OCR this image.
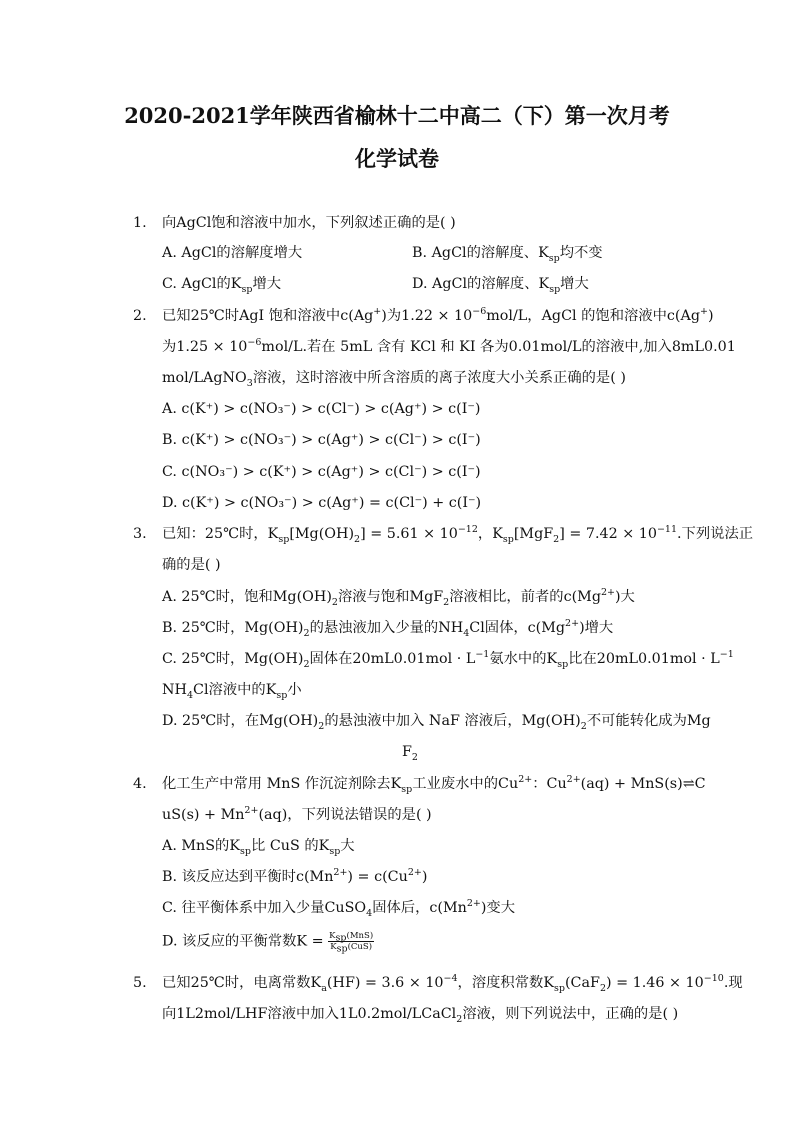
2020-2021学年陕西省榆林十二中高二（下）第一次月考
化学试卷
1. 向AgCl饱和溶液中加水，下列叙述正确的是( )
A. AgCl的溶解度增大	B. AgCl的溶解度、$K_{sp}$均不变
C. AgCl的$K_{sp}$增大	D. AgCl的溶解度、$K_{sp}$增大
2. 已知25℃时AgI 饱和溶液中c(Ag+)为$1.22 \times 10^{-6}mol/L$，AgCl 的饱和溶液中c(Ag+)
为$1.25 \times 10^{-6}mol/L$.若在 5mL 含有 KCl 和 KI 各为0.01mol/L的溶液中,加入8mL0.01
mol/LAgNO$_3$溶液，这时溶液中所含溶质的离子浓度大小关系正确的是( )
A. c(K⁺) > c(NO₃⁻) > c(Cl⁻) > c(Ag⁺) > c(I⁻)
B. c(K⁺) > c(NO₃⁻) > c(Ag⁺) > c(Cl⁻) > c(I⁻)
C. c(NO₃⁻) > c(K⁺) > c(Ag⁺) > c(Cl⁻) > c(I⁻)
D. c(K⁺) > c(NO₃⁻) > c(Ag⁺) = c(Cl⁻) + c(I⁻)
3. 已知：25℃时，$K_{sp}[Mg(OH)_2] = 5.61 \times 10^{-12}$，$K_{sp}[MgF_2] = 7.42 \times 10^{-11}$.下列说法正
确的是( )
A. 25℃时，饱和$Mg(OH)_2$溶液与饱和MgF$_2$溶液相比，前者的$c(Mg^{2+})$大
B. 25℃时，$Mg(OH)_2$的悬浊液加入少量的$NH_4Cl$固体，$c(Mg^{2+})$增大
C. 25℃时，$Mg(OH)_2$固体在$20mL0.01mol \cdot L^{-1}$氨水中的$K_{sp}$比在$20mL0.01mol \cdot L^{-1}$
$NH_4Cl$溶液中的$K_{sp}$小
D. 25℃时，在$Mg(OH)_2$的悬浊液中加入 NaF 溶液后，$Mg(OH)_2$不可能转化成为Mg
$F_2$
4. 化工生产中常用 MnS 作沉淀剂除去$K_{sp}$工业废水中的$Cu^{2+}$：$Cu^{2+}(aq)$ + MnS(s)⇌C
$uS(s) + Mn^{2+}(aq)$，下列说法错误的是( )
A. MnS的$K_{sp}$比 CuS 的$K_{sp}$大
B. 该反应达到平衡时$c(Mn^{2+}) = c(Cu^{2+})$
C. 往平衡体系中加入少量CuSO$_4$固体后，$c(Mn^{2+})$变大
D. 该反应的平衡常数$K = \frac{K_{sp}(MnS)}{K_{sp}(CuS)}$
5. 已知25℃时，电离常数$K_a(HF) = 3.6 \times 10^{-4}$，溶度积常数$K_{sp}(CaF_2) = 1.46 \times 10^{-10}$.现
向1L2mol/LHF溶液中加入1L0.2mol/LCaCl$_2$溶液，则下列说法中，正确的是( )
